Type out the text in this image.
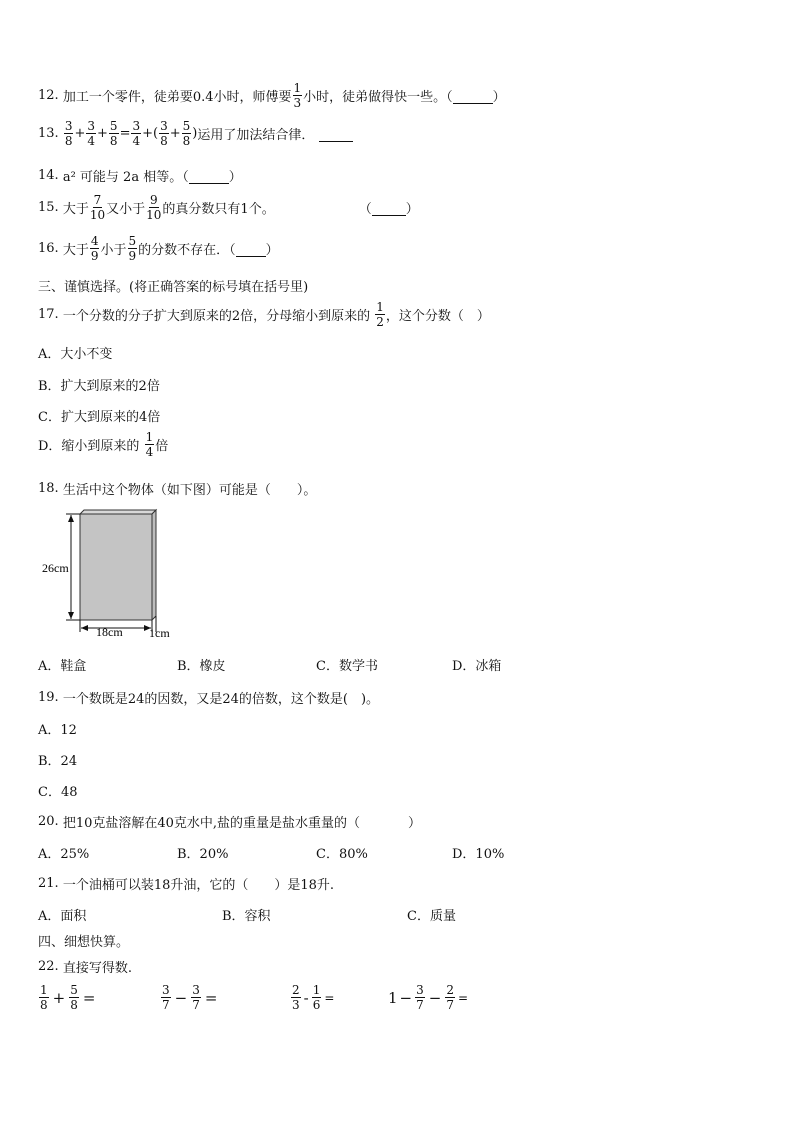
12.
加工一个零件，徒弟要0.4小时，师傅要 $\frac{1}{3}$ 小时，徒弟做得快一些。（
	）
13.
$\frac{3}{8} + \frac{3}{4} + \frac{5}{8} = \frac{3}{4}$ + ( $\frac{3}{8} + \frac{5}{8}$ ) 运用了加法结合律．

14.
a² 可能与 2a 相等。（
	）
15.
大于 $\frac{7}{10}$ 又小于 $\frac{9}{10}$ 的真分数只有1个。	（
	）
16.
大于 $\frac{4}{9}$ 小于 $\frac{5}{9}$ 的分数不存在．（
）
三、谨慎选择。(将正确答案的标号填在括号里)
17.
一个分数的分子扩大到原来的2倍，分母缩小到原来的
$\frac{1}{2}$ ，这个分数（　）
A．大小不变
B．扩大到原来的2倍
C．扩大到原来的4倍
D．缩小到原来的
$\frac{1}{4}$ 倍
18.
生活中这个物体（如下图）可能是（　　）。
26cm
18cm 1cm
A．鞋盒	B．橡皮	C．数学书	D．冰箱
19.
一个数既是24的因数，又是24的倍数，这个数是(　)。
A．12
B．24
C．48
20.
把10克盐溶解在40克水中,盐的重量是盐水重量的（	）
A．25%	B．20%	C．80%	D．10%
21.
一个油桶可以装18升油，它的（　　）是18升.
A．面积	B．容积	C．质量
四、细想快算。
22.
直接写得数.
$\frac{1}{8} + \frac{5}{8}$ =	$\frac{3}{7} - \frac{3}{7}$ =	$\frac{2}{3} - \frac{1}{6}$ =	$1 - \frac{3}{7} - \frac{2}{7}$ =
